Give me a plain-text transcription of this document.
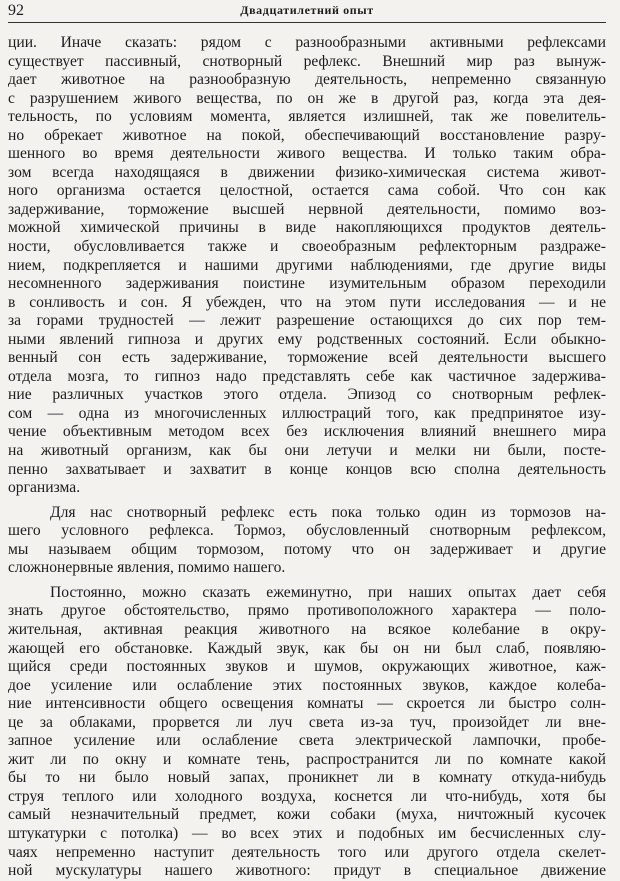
92	Двадцатилетний опыт
ции. Иначе сказать: рядом с разнообразными активными рефлексами
существует пассивный, снотворный рефлекс. Внешний мир раз вынуж-
дает животное на разнообразную деятельность, непременно связанную
с разрушением живого вещества, по он же в другой раз, когда эта дея-
тельность, по условиям момента, является излишней, так же повелитель-
но обрекает животное на покой, обеспечивающий восстановление разру-
шенного во время деятельности живого вещества. И только таким обра-
зом всегда находящаяся в движении физико-химическая система живот-
ного организма остается целостной, остается сама собой. Что сон как
задерживание, торможение высшей нервной деятельности, помимо воз-
можной химической причины в виде накопляющихся продуктов деятель-
ности, обусловливается также и своеобразным рефлекторным раздраже-
нием, подкрепляется и нашими другими наблюдениями, где другие виды
несомненного задерживания поистине изумительным образом переходили
в сонливость и сон. Я убежден, что на этом пути исследования — и не
за горами трудностей — лежит разрешение остающихся до сих пор тем-
ными явлений гипноза и других ему родственных состояний. Если обыкно-
венный сон есть задерживание, торможение всей деятельности высшего
отдела мозга, то гипноз надо представлять себе как частичное задержива-
ние различных участков этого отдела. Эпизод со снотворным рефлек-
сом — одна из многочисленных иллюстраций того, как предпринятое изу-
чение объективным методом всех без исключения влияний внешнего мира
на животный организм, как бы они летучи и мелки ни были, посте-
пенно захватывает и захватит в конце концов всю сполна деятельность
организма.
Для нас снотворный рефлекс есть пока только один из тормозов на-
шего условного рефлекса. Тормоз, обусловленный снотворным рефлексом,
мы называем общим тормозом, потому что он задерживает и другие
сложнонервные явления, помимо нашего.
Постоянно, можно сказать ежеминутно, при наших опытах дает себя
знать другое обстоятельство, прямо противоположного характера — поло-
жительная, активная реакция животного на всякое колебание в окру-
жающей его обстановке. Каждый звук, как бы он ни был слаб, появляю-
щийся среди постоянных звуков и шумов, окружающих животное, каж-
дое усиление или ослабление этих постоянных звуков, каждое колеба-
ние интенсивности общего освещения комнаты — скроется ли быстро солн-
це за облаками, прорвется ли луч света из-за туч, произойдет ли вне-
запное усиление или ослабление света электрической лампочки, пробе-
жит ли по окну и комнате тень, распространится ли по комнате какой
бы то ни было новый запах, проникнет ли в комнату откуда-нибудь
струя теплого или холодного воздуха, коснется ли что-нибудь, хотя бы
самый незначительный предмет, кожи собаки (муха, ничтожный кусочек
штукатурки с потолка) — во всех этих и подобных им бесчисленных слу-
чаях непременно наступит деятельность того или другого отдела скелет-
ной мускулатуры нашего животного: придут в специальное движение
